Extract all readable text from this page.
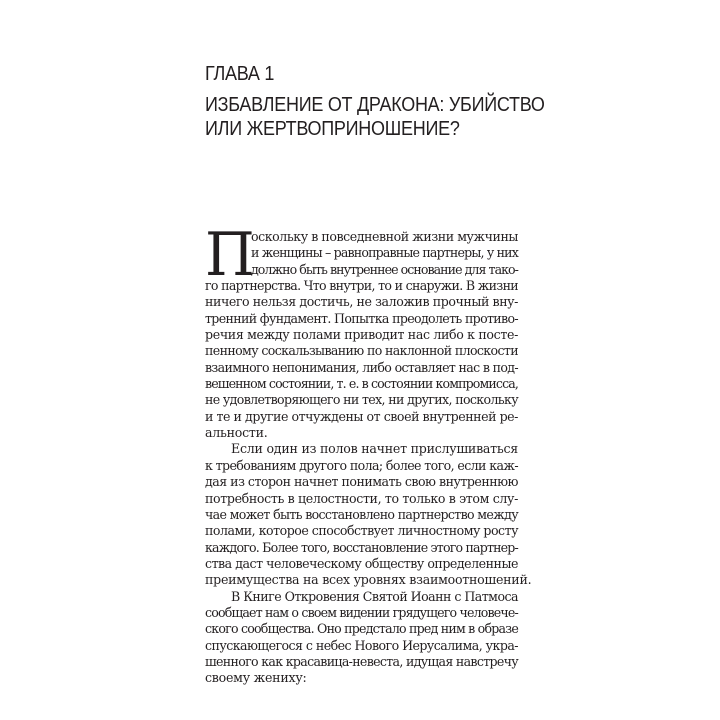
ГЛАВА 1
ИЗБАВЛЕНИЕ ОТ ДРАКОНА: УБИЙСТВО
ИЛИ ЖЕРТВОПРИНОШЕНИЕ?
П
оскольку в повседневной жизни мужчины
и женщины – равноправные партнеры, у них
должно быть внутреннее основание для тако-
го партнерства. Что внутри, то и снаружи. В жизни
ничего нельзя достичь, не заложив прочный вну-
тренний фундамент. Попытка преодолеть противо-
речия между полами приводит нас либо к посте-
пенному соскальзыванию по наклонной плоскости
взаимного непонимания, либо оставляет нас в под-
вешенном состоянии, т. е. в состоянии компромисса,
не удовлетворяющего ни тех, ни других, поскольку
и те и другие отчуждены от своей внутренней ре-
альности.
Если один из полов начнет прислушиваться
к требованиям другого пола; более того, если каж-
дая из сторон начнет понимать свою внутреннюю
потребность в целостности, то только в этом слу-
чае может быть восстановлено партнерство между
полами, которое способствует личностному росту
каждого. Более того, восстановление этого партнер-
ства даст человеческому обществу определенные
преимущества на всех уровнях взаимоотношений.
В Книге Откровения Святой Иоанн с Патмоса
сообщает нам о своем видении грядущего человече-
ского сообщества. Оно предстало пред ним в образе
спускающегося с небес Нового Иерусалима, укра-
шенного как красавица-невеста, идущая навстречу
своему жениху:
